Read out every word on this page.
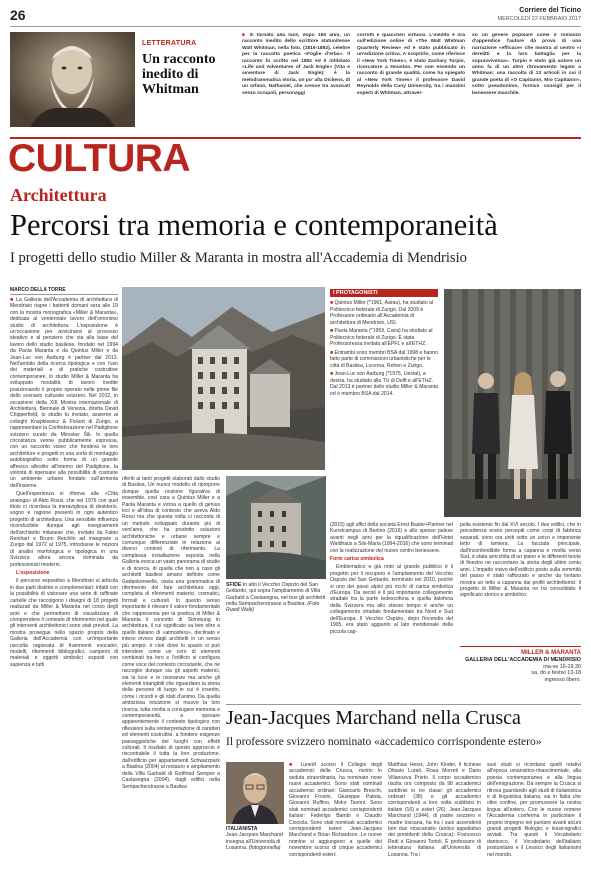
26	Corriere del Ticino
MERCOLEDÌ 22 FEBBRAIO 2017
LETTERATURA
Un racconto inedito di Whitman
■ È tornato alla luce, dopo 165 anni, un racconto inedito dello scrittore statunitense Walt Whitman, nella foto, (1819-1892), celebre per la raccolta poetica «Foglie d'erba». Il racconto fu scritto nel 1852 ed è intitolato «Life and Adventures of Jack Engle» (Vita e avventure di Jack Engle): è la melodrammatica storia, un po' alla Dickens, di un orfano, Nathaniel, che cresce tra avvocati senza scrupoli, personaggi
corrotti e quaccheri virtuosi. L'inedito è ora sull'edizione online di «The Walt Whitman Quarterly Review» ed è stato pubblicato in un'edizione critica. A scoprirlo, come riferisce il «New York Times», è stato Zachary Turpin, ricercatore a Houston. Per non essendo un racconto di grande qualità, come ha spiegato al «New York Times» il professore David Reynolds della Cuny University, tra i massimi esperti di Whitman, attraver-
so un genere popolare come il romanzo d'appendice l'autore dà prova di una narrazione «efficace» che mostra al centro «i derelitti e la loro battaglia per la sopravvivenza». Turpin è stato già autore un anno fa di un altro ritrovamento legato a Whitman: una raccolta di 13 articoli in cui il grande poeta di «O Capitano!, Mio Capitano!», sotto pseudonimo, forniva consigli per il benessere maschile.
CULTURA
Architettura
Percorsi tra memoria e contemporaneità
I progetti dello studio Miller & Maranta in mostra all'Accademia di Mendrisio
MARCO DELLA TORRE

■ La Galleria dell'Accademia di architettura di Mendrisio riapre i battenti domani sera alle 19 con la mostra monografica «Miller & Maranta», dedicata al ventennale lavoro dell'omonimo studio di architettura. L'esposizione è un'occasione per avvicinarsi al processo ideativo e al pensiero che sta alla base del lavoro dello studio basilese, fondato nel 1994 da Paola Maranta e da Quintus Miller e da Jean-Luc von Aarburg è partner dal 2013. Nell'ambito della ricerca tipologica e con l'uso dei materiali e di pratiche costruttive contemporanee, lo studio Miller & Maranta ha sviluppato modalità di lavoro inedite posizionando il proprio operato nelle prime file dello scenario culturale svizzero. Nel 2012, in occasione della XIII Mostra internazionale di Architettura, Biennale di Venezia, diretta David Chipperfield, lo studio fu invitato, assieme ai colleghi Knapkiewicz & Fickert di Zurigo, a rappresentare la Confederazione nel Padiglione svizzero curato da Miroslav Šik. In quella circostanza venne pubblicamente espressa, con un racconto visivo che fondeva le loro architetture e progetti in una sorta di montaggio autobiografico sotto forma di un grande affresco allestito all'interno del Padiglione, la volontà di ripensare alla possibilità di costruire un ambiente urbano fondato sull'armonia dell'insieme.

Quell'esperienza si riferiva alla «Città analoga» di Aldo Rossi, che nel 1976 con quel titolo ci ricordava la meravigliosa di desiderio, sogno e ragione presenti in ogni autentico progetto di architettura. Una sensibile influenza riconducibile dunque agli insegnamenti dell'architetto milanese che, invitato da Fabio Reinhart e Bruno Reichlin ad insegnare a Zurigo dal 1972 al 1975, introdusse le nozioni di analisi morfologica e tipologica in una Svizzera allora ancora dominata da professionisti moderni.

L'esposizione

Il percorso espositivo a Mendrisio si articola in due parti distinte e complementari: infatti con la possibilità di visionare una serie di raffinate cartelle che raccolgono i disegni di 18 progetti realizzati da Miller & Maranta nel corso degli anni e che permettono di visualizzare di comprendere il contesto di riferimento nel quale gli interventi architettonici sono stati previsti. La mostra prosegue nello spazio proprio della Galleria dell'Accademia con un'importante raccolta ragionata di frammenti evocativi, modelli, riferimenti bibliografici, campioni di materiali e oggetti simbolici esposti con sapienza e tutti

riferiti ai tanti progetti elaborati dallo studio di Basilea. Un nuovo modello di riproporre dunque quella nozione figurativa di ensemble, così cara a Quintus Miller e a Paola Maranta e vicina a quello di genius loci e all'idea di contesto che aveva Aldo Rossi ma che questa volta ci racconta di un metodo sviluppato durante più di vent'anni, che ha prodotto soluzioni architettoniche e urbane sempre e comunque differenziate in relazione ai diversi contesti di riferimento. La complessa installazione esposta nella Galleria evoca un vasto panorama di studio e di ricerca, di quella che non a caso gli architetti basilesi amano definire come Gedankenwelle, ossia una grammatica di riferimento del fare architettura oggi, completa di riferimenti materici, cromatici, formali e culturali. In questo senso importante è rilevare il valore fondamentale che rappresenta per la poetica di Miller & Maranta il concetto di Stimmung in architettura, il cui significato va ben oltre a quello italiano di «atmosfera», declinato e inteso invece dagli architetti in un senso più ampio: è cioè dove lo spazio si può intendere come un coro di elementi combinati tra loro e l'edificio si configura come voce del contesto circostante, che ne raccoglie dunque sia gli aspetti materici, sia la luce e le risonanze ma anche gli elementi intangibili che riguardano la storia della persone di luogo in cui è inserito, come i ricordi e gli stati d'animo. Da quella ambiziosa intuizione si muove la loro ricerca, tutta rivolta a coniugare memoria e contemporaneità, a spesare apparentemente il contesto tipologico con riflessioni sulla reinterpretazione di caratteri ed elementi costruttivi, a fondere esigenze paesaggistiche dei luoghi con effetti culturali. Il risultato di questo approccio è riscontrabile il tutta la loro produzione, dall'edificio per appartamenti Schwarzpark a Basilea (2004) al restauro e ampliamento della Villa Garbald di Gottfried Semper a Castasegna (2004), dagli edifici nella Sempacherstrasse a Basilea

SFIDE In alto il Vecchio Ospizio del San Gottardo, qui sopra l'ampliamento di Villa Garbald a Castasegna, nel box gli architetti nella Sempacherstrasse a Basilea. (Foto Ruedi Walti)
I PROTAGONISTI

■ Quintus Miller (*1961, Aarau), ha studiato al Politecnico federale di Zurigo. Dal 2009 è Professore ordinario all'Accademia di architettura di Mendrisio, USI.

■ Paola Maranta (*1959, Coira) ha studiato al Politecnico federale di Zurigo. È stata Professoressa invitata all'EPFL e all'ETHZ.

■ Entrambi sono membri BSA dal 1998 e hanno fatto parte di commissioni urbanistiche per le città di Basilea, Lucerna, Rehen e Zurigo.

■ Jean-Luc von Aarburg (*1975, Liestal), a destra, ha studiato alla TU di Delft e all'ETHZ. Dal 2013 è partner dello studio Miller & Maranta ed è membro BSA dal 2014.

(2015) agli uffici della società Ernst Basler+Partner nel Kunstcampus di Berlino (2016) e allo spesso palese avanti negli anni per la riqualificazione dell'Hotel Waldhaus a Sils-Maria (1994-2016) che sono terminati con la realizzazione del nuovo centro benessere.

Forte carica simbolica

Emblematico e già noto al grande pubblico è il progetto per il recupero e l'ampliamento del Vecchio Ospizio del San Gottardo, terminato nel 2010, poiché si uno dei passi alpini più ricchi di carica simbolica d'Europa. Da secoli è il più importante collegamento stradale tra la parte tedescofona e quella italofona della Svizzera ma allo stesso tempo è anche un collegamento stradale fondamentale tra Nord e Sud dell'Europa. Il Vecchio Ospizio, dopo l'incendio del 1905, era stato aggiunto al lato meridionale della piccola cap-

pella esistente fin dal XVI secolo. I due edifici, che in precedenza erano percepiti come corpi di fabbrica separati, sono ora uniti sotto un unico e imponente tetto di lamiera. La facciata principale, dall'inconfondibile forma a capanna e rivolta verso Sud, è stata arricchita di un piano e le differenti teorie di finestre ne raccontano la storia degli ultimi cento anni. L'impatto visivo dell'edificio posto sulla sommità del passo è stato rafforzato e anche da lontano mostra un tetto a capanna dai profili architettonici: il progetto di Miller & Maranta ne ha consolidato il significato storico e simbolico.

MILLER & MARANTA
GALLERIA DELL'ACCADEMIA DI MENDRISIO
ma-ve 16-19.30
sa, do e festivi 13-18
ingresso libero.
Jean-Jacques Marchand nella Crusca
Il professore svizzero nominato «accademico corrispondente estero»
ITALIANISTA
Jean-Jacques Marchand insegna all'Università di Losanna. (fotogonnella)

■ Lunedì scorso il Collegio degli accademici della Crusca, riunito in seduta straordinaria, ha nominato nove nuovi accademici. Sono stati nominati accademici ordinari: Giancarlo Breschi, Giovanni Frosini, Giuseppe Patota, Giovanni Ruffino, Mirko Tavoni. Sono stati nominati accademici corrispondenti italiani: Federigo Bambi e Claudio Ciociola. Sono stati nominati accademici corrispondenti esteri: Jean-Jacques Marchand e Brian Richardson. Le nuove nomine si aggiungono a quelle del novembre scorso di cinque accademici corrispondenti esteri:

Matthias Heinz, John Kinder, il ticinese Ottavio Lurati, Rosa Morreti e Dario Villanueva Prieto. Il corpo accademico risulta ora composto da 98 accademici suddivisi in tre classi: gli accademici ordinari (38) e gli accademici corrispondenti a loro volta suddivisi in italiani (16) e esteri (26). Jean-Jacques Marchand (1944), di padre svizzero e madre toscana, ha tra i suoi ascendenti ben due «toscanisti» (antico appellativo dei presidenti della Crusca): Francesco Redi e Giovanni Tortoli. È professore di letteratura italiana all'Università di Losanna. Tra i

suoi studi si ricordano quelli relativi all'epoca umanistico-rinascimentale, alla poesia contemporanea e alla lingua dell'emigrazione. Da sempre la Crusca si ritrova guardando agli studi di italianistica e di linguistica italiana, sia in Italia che oltre confine, per promuovere la nostra lingua all'estero. Con le nuove nomine l'Accademia conferma in particolare il proprio impegno nel puntare avanti alcuni grandi progetti filologici e lessicografici avviati. Tra questi il Vocabolario dantesco, il Vocabolario dell'italiano postunitario e il Lessico degli italianismi nel mondo.
